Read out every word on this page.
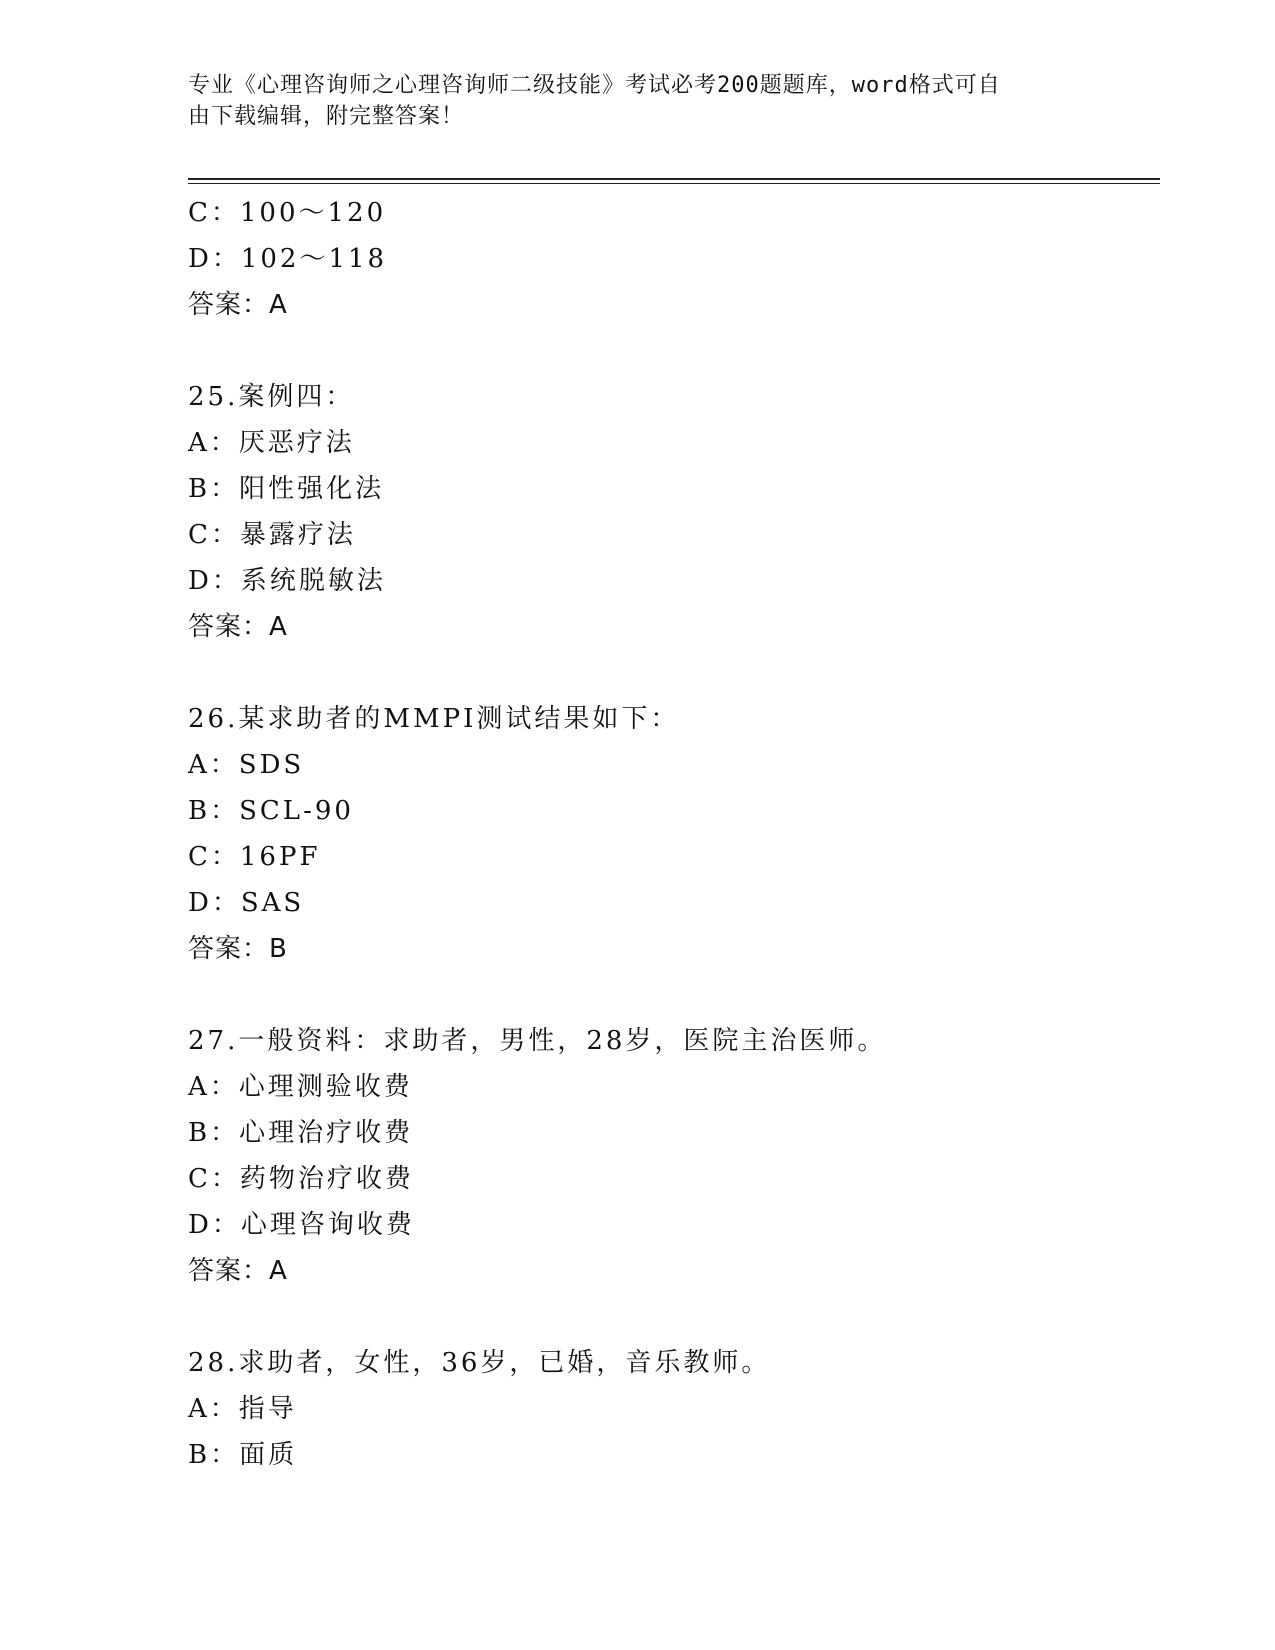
专业《心理咨询师之心理咨询师二级技能》考试必考200题题库，word格式可自
由下载编辑，附完整答案！
C：100～120
D：102～118
答案：A
25.案例四：
A：厌恶疗法
B：阳性强化法
C：暴露疗法
D：系统脱敏法
答案：A
26.某求助者的MMPI测试结果如下：
A：SDS
B：SCL-90
C：16PF
D：SAS
答案：B
27.一般资料：求助者，男性，28岁，医院主治医师。
A：心理测验收费
B：心理治疗收费
C：药物治疗收费
D：心理咨询收费
答案：A
28.求助者，女性，36岁，已婚，音乐教师。
A：指导
B：面质
